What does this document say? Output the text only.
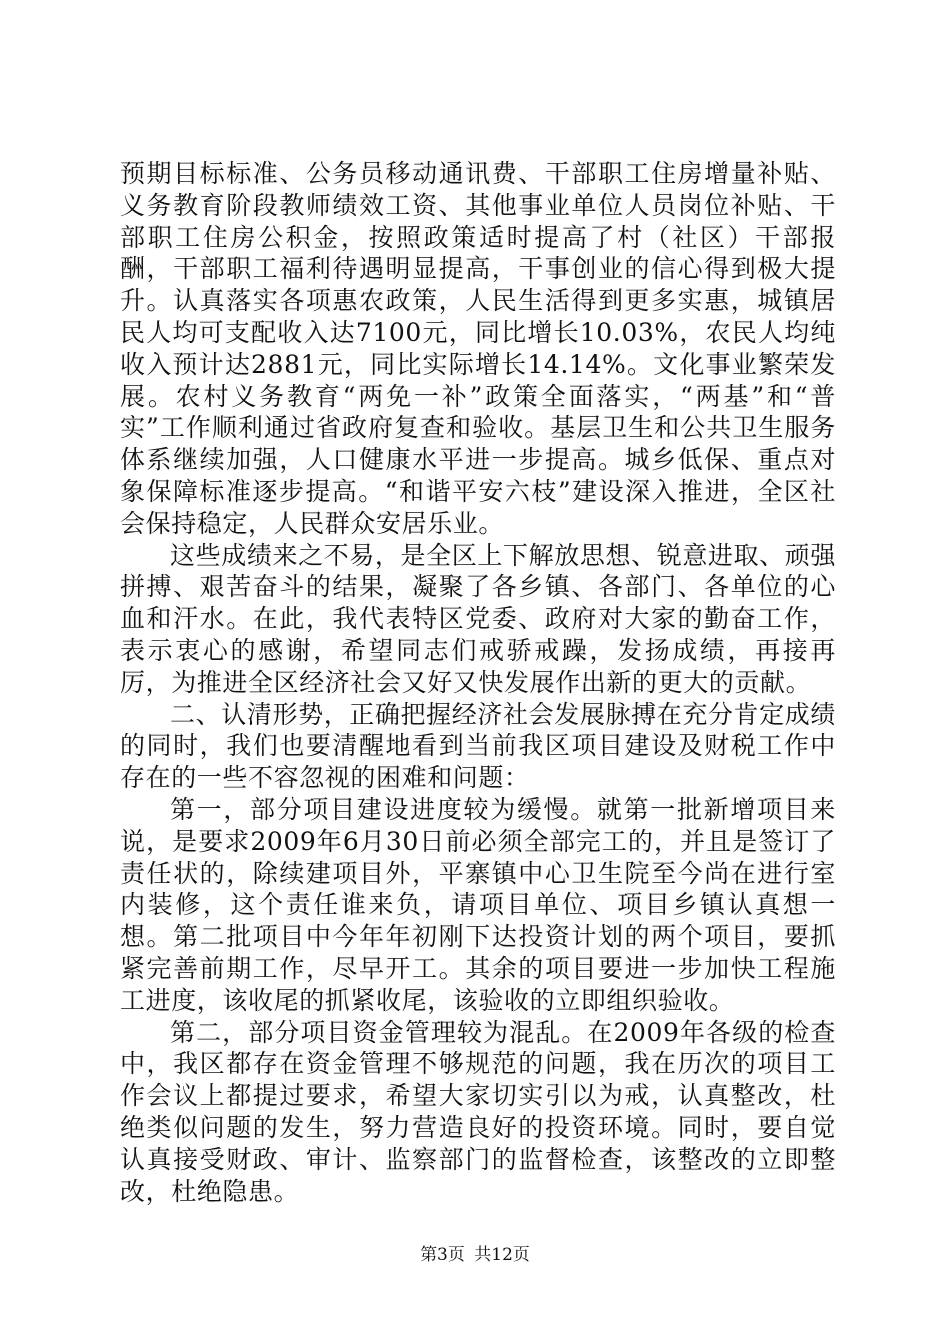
预期目标标准、公务员移动通讯费、干部职工住房增量补贴、义务教育阶段教师绩效工资、其他事业单位人员岗位补贴、干部职工住房公积金，按照政策适时提高了村（社区）干部报酬，干部职工福利待遇明显提高，干事创业的信心得到极大提升。认真落实各项惠农政策，人民生活得到更多实惠，城镇居民人均可支配收入达7100元，同比增长10.03%，农民人均纯收入预计达2881元，同比实际增长14.14%。文化事业繁荣发展。农村义务教育“两免一补”政策全面落实，“两基”和“普实”工作顺利通过省政府复查和验收。基层卫生和公共卫生服务体系继续加强，人口健康水平进一步提高。城乡低保、重点对象保障标准逐步提高。“和谐平安六枝”建设深入推进，全区社会保持稳定，人民群众安居乐业。

这些成绩来之不易，是全区上下解放思想、锐意进取、顽强拼搏、艰苦奋斗的结果，凝聚了各乡镇、各部门、各单位的心血和汗水。在此，我代表特区党委、政府对大家的勤奋工作，表示衷心的感谢，希望同志们戒骄戒躁，发扬成绩，再接再厉，为推进全区经济社会又好又快发展作出新的更大的贡献。

二、认清形势，正确把握经济社会发展脉搏在充分肯定成绩的同时，我们也要清醒地看到当前我区项目建设及财税工作中存在的一些不容忽视的困难和问题：

第一，部分项目建设进度较为缓慢。就第一批新增项目来说，是要求2009年6月30日前必须全部完工的，并且是签订了责任状的，除续建项目外，平寨镇中心卫生院至今尚在进行室内装修，这个责任谁来负，请项目单位、项目乡镇认真想一想。第二批项目中今年年初刚下达投资计划的两个项目，要抓紧完善前期工作，尽早开工。其余的项目要进一步加快工程施工进度，该收尾的抓紧收尾，该验收的立即组织验收。

第二，部分项目资金管理较为混乱。在2009年各级的检查中，我区都存在资金管理不够规范的问题，我在历次的项目工作会议上都提过要求，希望大家切实引以为戒，认真整改，杜绝类似问题的发生，努力营造良好的投资环境。同时，要自觉认真接受财政、审计、监察部门的监督检查，该整改的立即整改，杜绝隐患。

第3页 共12页
